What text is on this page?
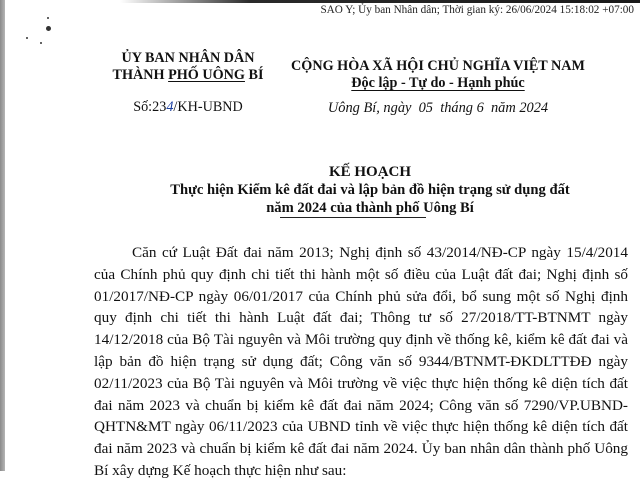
SAO Y; Ủy ban Nhân dân; Thời gian ký: 26/06/2024 15:18:02 +07:00
ỦY BAN NHÂN DÂN
THÀNH PHỐ UÔNG BÍ
Số:234/KH-UBND
CỘNG HÒA XÃ HỘI CHỦ NGHĨA VIỆT NAM
Độc lập - Tự do - Hạnh phúc
Uông Bí, ngày  05  tháng 6  năm 2024
KẾ HOẠCH
Thực hiện Kiểm kê đất đai và lập bản đồ hiện trạng sử dụng đất
năm 2024 của thành phố Uông Bí

Căn cứ Luật Đất đai năm 2013; Nghị định số 43/2014/NĐ-CP ngày 15/4/2014 của Chính phủ quy định chi tiết thi hành một số điều của Luật đất đai; Nghị định số 01/2017/NĐ-CP ngày 06/01/2017 của Chính phủ sửa đổi, bổ sung một số Nghị định quy định chi tiết thi hành Luật đất đai; Thông tư số 27/2018/TT-BTNMT ngày 14/12/2018 của Bộ Tài nguyên và Môi trường quy định về thống kê, kiểm kê đất đai và lập bản đồ hiện trạng sử dụng đất; Công văn số 9344/BTNMT-ĐKDLTTĐĐ ngày 02/11/2023 của Bộ Tài nguyên và Môi trường về việc thực hiện thống kê diện tích đất đai năm 2023 và chuẩn bị kiểm kê đất đai năm 2024; Công văn số 7290/VP.UBND-QHTN&MT ngày 06/11/2023 của UBND tỉnh về việc thực hiện thống kê diện tích đất đai năm 2023 và chuẩn bị kiểm kê đất đai năm 2024. Ủy ban nhân dân thành phố Uông Bí xây dựng Kế hoạch thực hiện như sau:
